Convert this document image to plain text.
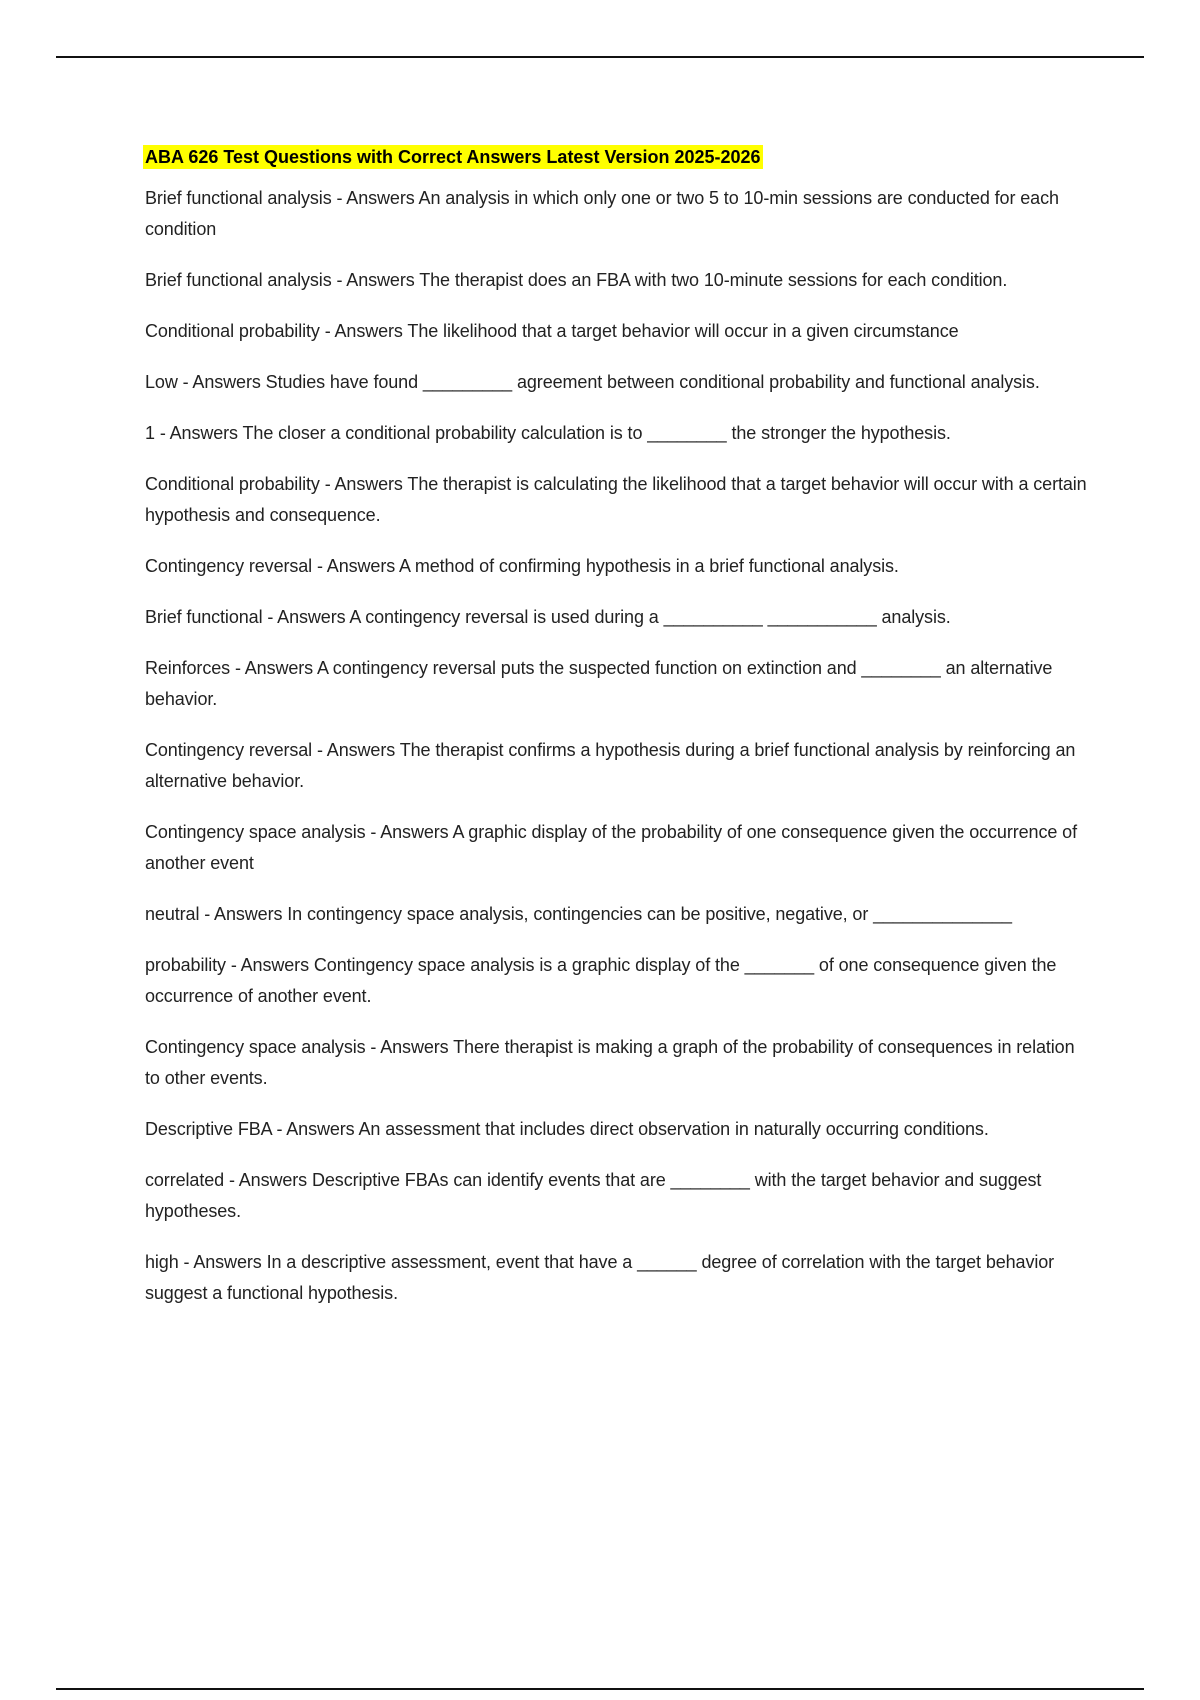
ABA 626 Test Questions with Correct Answers Latest Version 2025-2026
Brief functional analysis - Answers An analysis in which only one or two 5 to 10-min sessions are conducted for each condition
Brief functional analysis - Answers The therapist does an FBA with two 10-minute sessions for each condition.
Conditional probability - Answers The likelihood that a target behavior will occur in a given circumstance
Low - Answers Studies have found _________ agreement between conditional probability and functional analysis.
1 - Answers The closer a conditional probability calculation is to ________ the stronger the hypothesis.
Conditional probability - Answers The therapist is calculating the likelihood that a target behavior will occur with a certain hypothesis and consequence.
Contingency reversal - Answers A method of confirming hypothesis in a brief functional analysis.
Brief functional - Answers A contingency reversal is used during a __________ ___________ analysis.
Reinforces - Answers A contingency reversal puts the suspected function on extinction and ________ an alternative behavior.
Contingency reversal - Answers The therapist confirms a hypothesis during a brief functional analysis by reinforcing an alternative behavior.
Contingency space analysis - Answers A graphic display of the probability of one consequence given the occurrence of another event
neutral - Answers In contingency space analysis, contingencies can be positive, negative, or ______________
probability - Answers Contingency space analysis is a graphic display of the _______ of one consequence given the occurrence of another event.
Contingency space analysis - Answers There therapist is making a graph of the probability of consequences in relation to other events.
Descriptive FBA - Answers An assessment that includes direct observation in naturally occurring conditions.
correlated - Answers Descriptive FBAs can identify events that are ________ with the target behavior and suggest hypotheses.
high - Answers In a descriptive assessment, event that have a ______ degree of correlation with the target behavior suggest a functional hypothesis.
